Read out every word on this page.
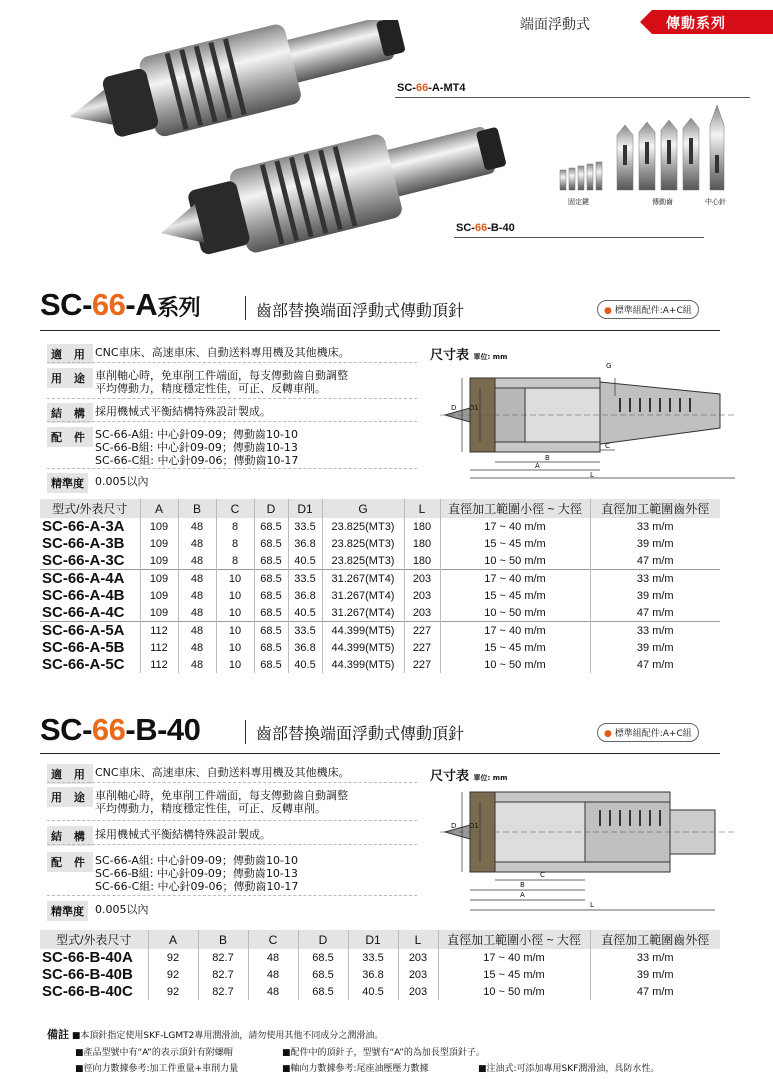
端面浮動式	傳動系列
SC-66-A-MT4
SC-66-B-40
固定鍵	傳動齒	中心針
SC-66-A系列	齒部替換端面浮動式傳動頂針	● 標準組配件:A+C組
適 用 CNC車床、高速車床、自動送料專用機及其他機床。
用 途 車削軸心時，免車削工件端面，每支傳動齒自動調整
平均傳動力，精度穩定性佳，可正、反轉車削。
結 構 採用機械式平衡結構特殊設計製成。
配 件 SC-66-A組: 中心針09-09；傳動齒10-10
SC-66-B組: 中心針09-09；傳動齒10-13
SC-66-C組: 中心針09-06；傳動齒10-17
精準度	0.005以內
尺寸表 單位: mm
D D1
G
B
C
A
L
型式/外表尺寸	A	B	C	D	D1	G	L	直徑加工範圍小徑 ~ 大徑	直徑加工範圍齒外徑
SC-66-A-3A	109	48	8	68.5	33.5	23.825(MT3)	180	17 ~ 40 m/m	33 m/m
SC-66-A-3B	109	48	8	68.5	36.8	23.825(MT3)	180	15 ~ 45 m/m	39 m/m
SC-66-A-3C	109	48	8	68.5	40.5	23.825(MT3)	180	10 ~ 50 m/m	47 m/m
SC-66-A-4A	109	48	10	68.5	33.5	31.267(MT4)	203	17 ~ 40 m/m	33 m/m
SC-66-A-4B	109	48	10	68.5	36.8	31.267(MT4)	203	15 ~ 45 m/m	39 m/m
SC-66-A-4C	109	48	10	68.5	40.5	31.267(MT4)	203	10 ~ 50 m/m	47 m/m
SC-66-A-5A	112	48	10	68.5	33.5	44.399(MT5)	227	17 ~ 40 m/m	33 m/m
SC-66-A-5B	112	48	10	68.5	36.8	44.399(MT5)	227	15 ~ 45 m/m	39 m/m
SC-66-A-5C	112	48	10	68.5	40.5	44.399(MT5)	227	10 ~ 50 m/m	47 m/m
SC-66-B-40	齒部替換端面浮動式傳動頂針	● 標準組配件:A+C組
適 用 CNC車床、高速車床、自動送料專用機及其他機床。
用 途 車削軸心時，免車削工件端面，每支傳動齒自動調整
平均傳動力，精度穩定性佳，可正、反轉車削。
結 構 採用機械式平衡結構特殊設計製成。
配 件 SC-66-A組: 中心針09-09；傳動齒10-10
SC-66-B組: 中心針09-09；傳動齒10-13
SC-66-C組: 中心針09-06；傳動齒10-17
精準度	0.005以內
尺寸表 單位: mm
D D1
C
B
A
L
型式/外表尺寸	A	B	C	D	D1	L	直徑加工範圍小徑 ~ 大徑	直徑加工範圍齒外徑
SC-66-B-40A	92	82.7	48	68.5	33.5	203	17 ~ 40 m/m	33 m/m
SC-66-B-40B	92	82.7	48	68.5	36.8	203	15 ~ 45 m/m	39 m/m
SC-66-B-40C	92	82.7	48	68.5	40.5	203	10 ~ 50 m/m	47 m/m
備註 ■本頂針指定使用SKF-LGMT2專用潤滑油，請勿使用其他不同成分之潤滑油。
■產品型號中有“A”的表示頂針有附螺帽	■配件中的頂針子，型號有“A”的為加長型頂針子。
■徑向力數據參考:加工件重量+車削力量	■軸向力數據參考:尾座油壓壓力數據	■注油式:可添加專用SKF潤滑油，具防水性。
